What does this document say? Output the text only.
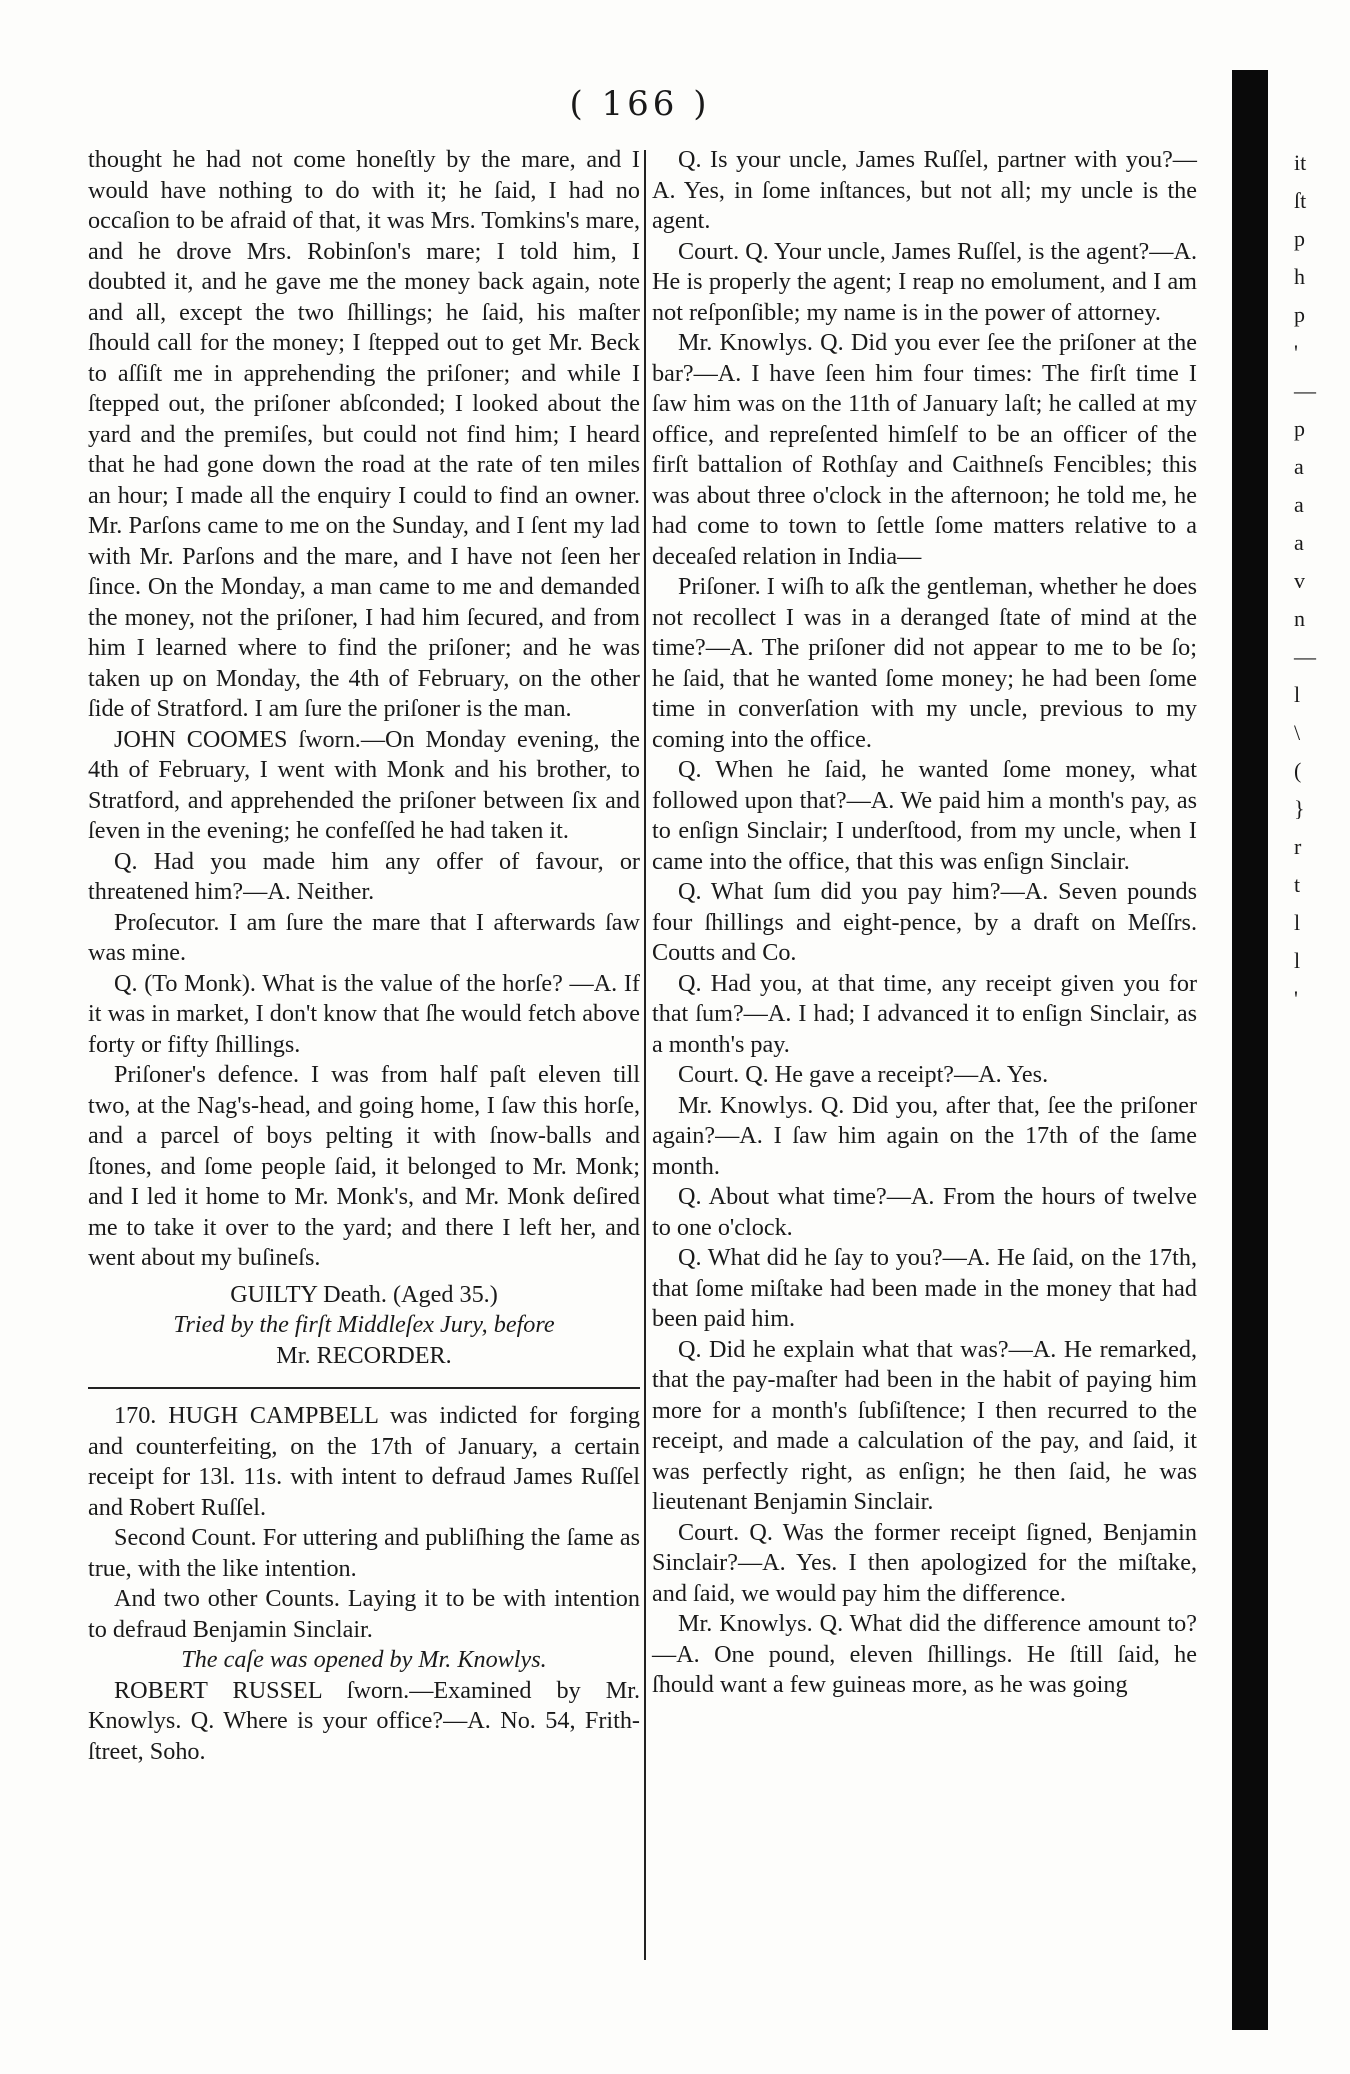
( 166 )

thought he had not come honeſtly by the mare, and I would have nothing to do with it; he ſaid, I had no occaſion to be afraid of that, it was Mrs. Tomkins's mare, and he drove Mrs. Robinſon's mare; I told him, I doubted it, and he gave me the money back again, note and all, except the two ſhillings; he ſaid, his maſter ſhould call for the money; I ſtepped out to get Mr. Beck to aſſiſt me in apprehending the priſoner; and while I ſtepped out, the priſoner abſconded; I looked about the yard and the premiſes, but could not find him; I heard that he had gone down the road at the rate of ten miles an hour; I made all the enquiry I could to find an owner. Mr. Parſons came to me on the Sunday, and I ſent my lad with Mr. Parſons and the mare, and I have not ſeen her ſince. On the Monday, a man came to me and demanded the money, not the priſoner, I had him ſecured, and from him I learned where to find the priſoner; and he was taken up on Monday, the 4th of February, on the other ſide of Stratford. I am ſure the priſoner is the man.

JOHN COOMES ſworn.—On Monday evening, the 4th of February, I went with Monk and his brother, to Stratford, and apprehended the priſoner between ſix and ſeven in the evening; he confeſſed he had taken it.

Q. Had you made him any offer of favour, or threatened him?—A. Neither.

Proſecutor. I am ſure the mare that I afterwards ſaw was mine.

Q. (To Monk). What is the value of the horſe? —A. If it was in market, I don't know that ſhe would fetch above forty or fifty ſhillings.

Priſoner's defence. I was from half paſt eleven till two, at the Nag's-head, and going home, I ſaw this horſe, and a parcel of boys pelting it with ſnow-balls and ſtones, and ſome people ſaid, it belonged to Mr. Monk; and I led it home to Mr. Monk's, and Mr. Monk deſired me to take it over to the yard; and there I left her, and went about my buſineſs.

GUILTY Death. (Aged 35.)

Tried by the firſt Middleſex Jury, before

Mr. RECORDER.

170. HUGH CAMPBELL was indicted for forging and counterfeiting, on the 17th of January, a certain receipt for 13l. 11s. with intent to defraud James Ruſſel and Robert Ruſſel.

Second Count. For uttering and publiſhing the ſame as true, with the like intention.

And two other Counts. Laying it to be with intention to defraud Benjamin Sinclair.

The caſe was opened by Mr. Knowlys.

ROBERT RUSSEL ſworn.—Examined by Mr. Knowlys. Q. Where is your office?—A. No. 54, Frith-ſtreet, Soho.

Q. Is your uncle, James Ruſſel, partner with you?—A. Yes, in ſome inſtances, but not all; my uncle is the agent.

Court. Q. Your uncle, James Ruſſel, is the agent?—A. He is properly the agent; I reap no emolument, and I am not reſponſible; my name is in the power of attorney.

Mr. Knowlys. Q. Did you ever ſee the priſoner at the bar?—A. I have ſeen him four times: The firſt time I ſaw him was on the 11th of January laſt; he called at my office, and repreſented himſelf to be an officer of the firſt battalion of Rothſay and Caithneſs Fencibles; this was about three o'clock in the afternoon; he told me, he had come to town to ſettle ſome matters relative to a deceaſed relation in India—

Priſoner. I wiſh to aſk the gentleman, whether he does not recollect I was in a deranged ſtate of mind at the time?—A. The priſoner did not appear to me to be ſo; he ſaid, that he wanted ſome money; he had been ſome time in converſation with my uncle, previous to my coming into the office.

Q. When he ſaid, he wanted ſome money, what followed upon that?—A. We paid him a month's pay, as to enſign Sinclair; I underſtood, from my uncle, when I came into the office, that this was enſign Sinclair.

Q. What ſum did you pay him?—A. Seven pounds four ſhillings and eight-pence, by a draft on Meſſrs. Coutts and Co.

Q. Had you, at that time, any receipt given you for that ſum?—A. I had; I advanced it to enſign Sinclair, as a month's pay.

Court. Q. He gave a receipt?—A. Yes.

Mr. Knowlys. Q. Did you, after that, ſee the priſoner again?—A. I ſaw him again on the 17th of the ſame month.

Q. About what time?—A. From the hours of twelve to one o'clock.

Q. What did he ſay to you?—A. He ſaid, on the 17th, that ſome miſtake had been made in the money that had been paid him.

Q. Did he explain what that was?—A. He remarked, that the pay-maſter had been in the habit of paying him more for a month's ſubſiſtence; I then recurred to the receipt, and made a calculation of the pay, and ſaid, it was perfectly right, as enſign; he then ſaid, he was lieutenant Benjamin Sinclair.

Court. Q. Was the former receipt ſigned, Benjamin Sinclair?—A. Yes. I then apologized for the miſtake, and ſaid, we would pay him the difference.

Mr. Knowlys. Q. What did the difference amount to?—A. One pound, eleven ſhillings. He ſtill ſaid, he ſhould want a few guineas more, as he was going

it
ſt
p
h
p
'
—
p
a
a
a
v
n
—
l
\
(
}
r
t
l
l
'
